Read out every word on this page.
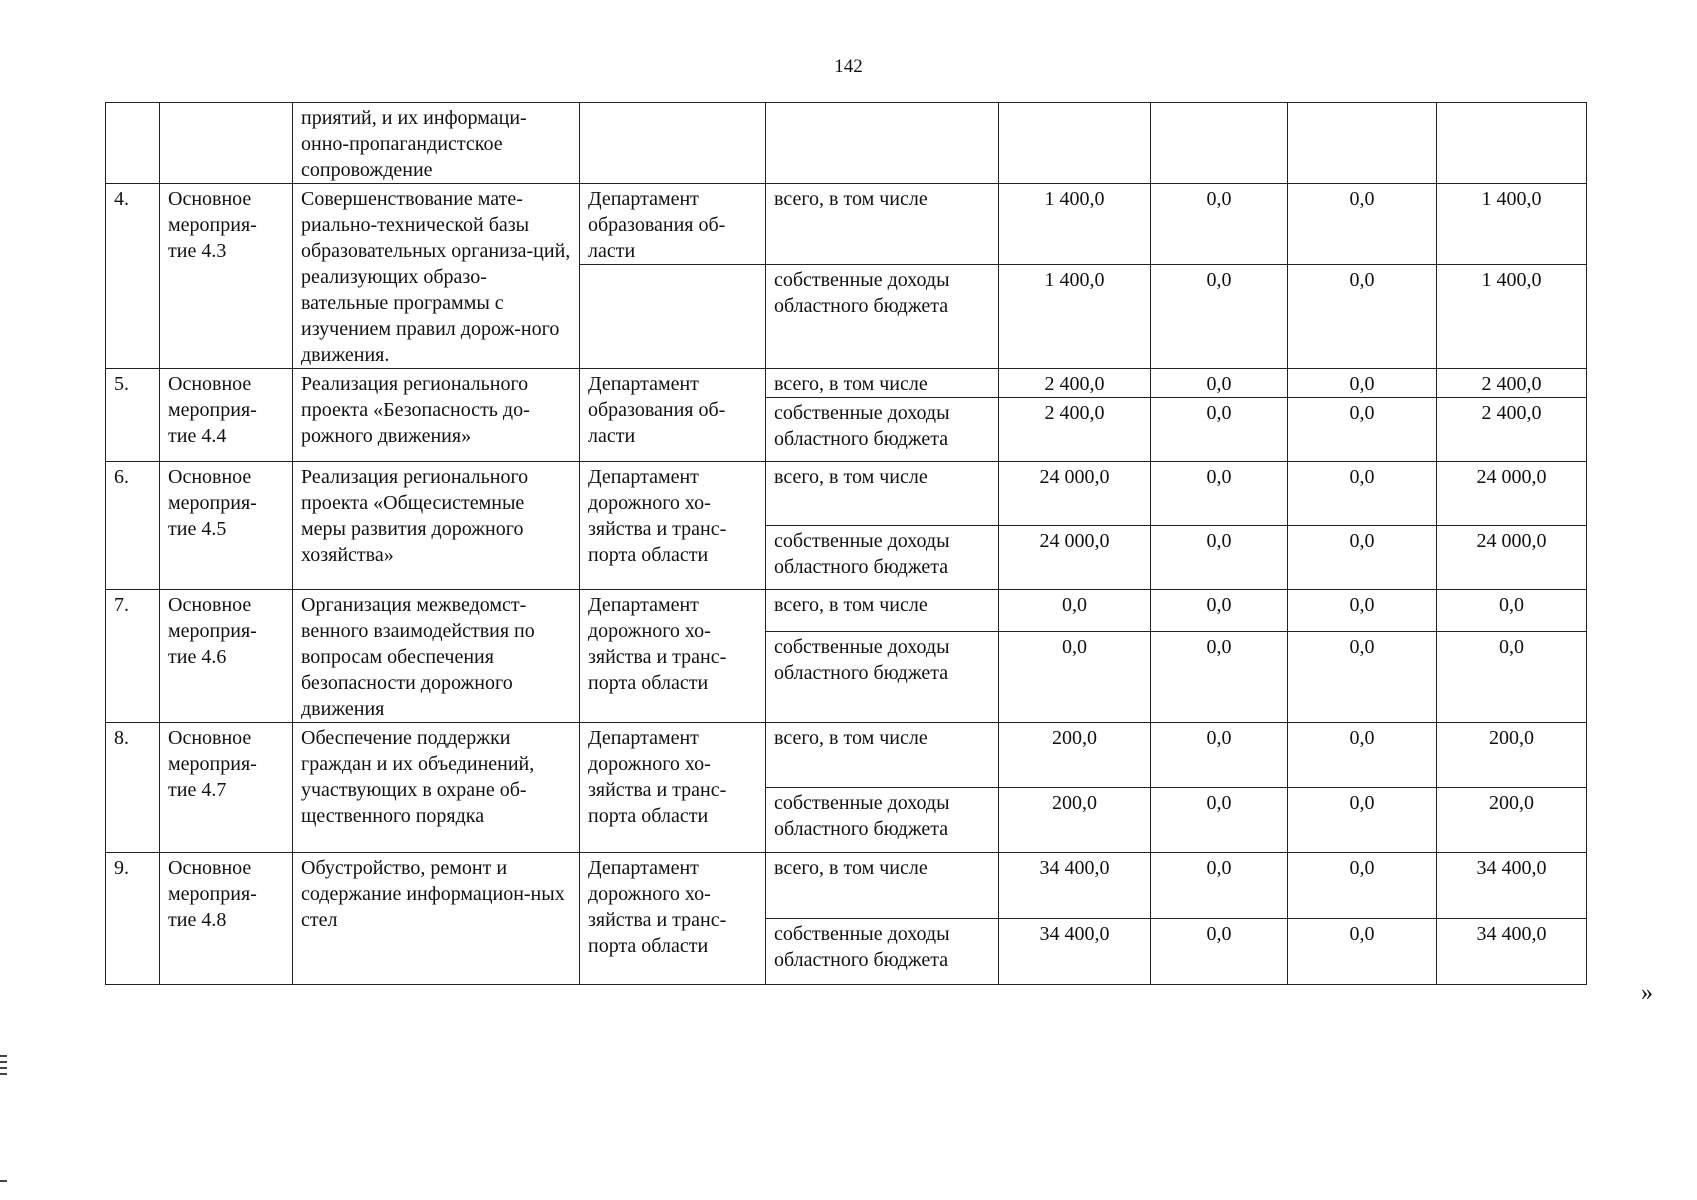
142
		приятий, и их информаци-онно-пропагандистское сопровождение						
4.	Основное мероприя-тие 4.3	Совершенствование мате-риально-технической базы образовательных организа-ций, реализующих образо-вательные программы с изучением правил дорож-ного движения.	Департамент образования об-ласти	всего, в том числе	1 400,0	0,0	0,0	1 400,0
				собственные доходы областного бюджета	1 400,0	0,0	0,0	1 400,0
5.	Основное мероприя-тие 4.4	Реализация регионального проекта «Безопасность до-рожного движения»	Департамент образования об-ласти	всего, в том числе	2 400,0	0,0	0,0	2 400,0
				собственные доходы областного бюджета	2 400,0	0,0	0,0	2 400,0
6.	Основное мероприя-тие 4.5	Реализация регионального проекта «Общесистемные меры развития дорожного хозяйства»	Департамент дорожного хо-зяйства и транс-порта области	всего, в том числе	24 000,0	0,0	0,0	24 000,0
				собственные доходы областного бюджета	24 000,0	0,0	0,0	24 000,0
7.	Основное мероприя-тие 4.6	Организация межведомст-венного взаимодействия по вопросам обеспечения безопасности дорожного движения	Департамент дорожного хо-зяйства и транс-порта области	всего, в том числе	0,0	0,0	0,0	0,0
				собственные доходы областного бюджета	0,0	0,0	0,0	0,0
8.	Основное мероприя-тие 4.7	Обеспечение поддержки граждан и их объединений, участвующих в охране об-щественного порядка	Департамент дорожного хо-зяйства и транс-порта области	всего, в том числе	200,0	0,0	0,0	200,0
				собственные доходы областного бюджета	200,0	0,0	0,0	200,0
9.	Основное мероприя-тие 4.8	Обустройство, ремонт и содержание информацион-ных стел	Департамент дорожного хо-зяйства и транс-порта области	всего, в том числе	34 400,0	0,0	0,0	34 400,0
				собственные доходы областного бюджета	34 400,0	0,0	0,0	34 400,0
»
